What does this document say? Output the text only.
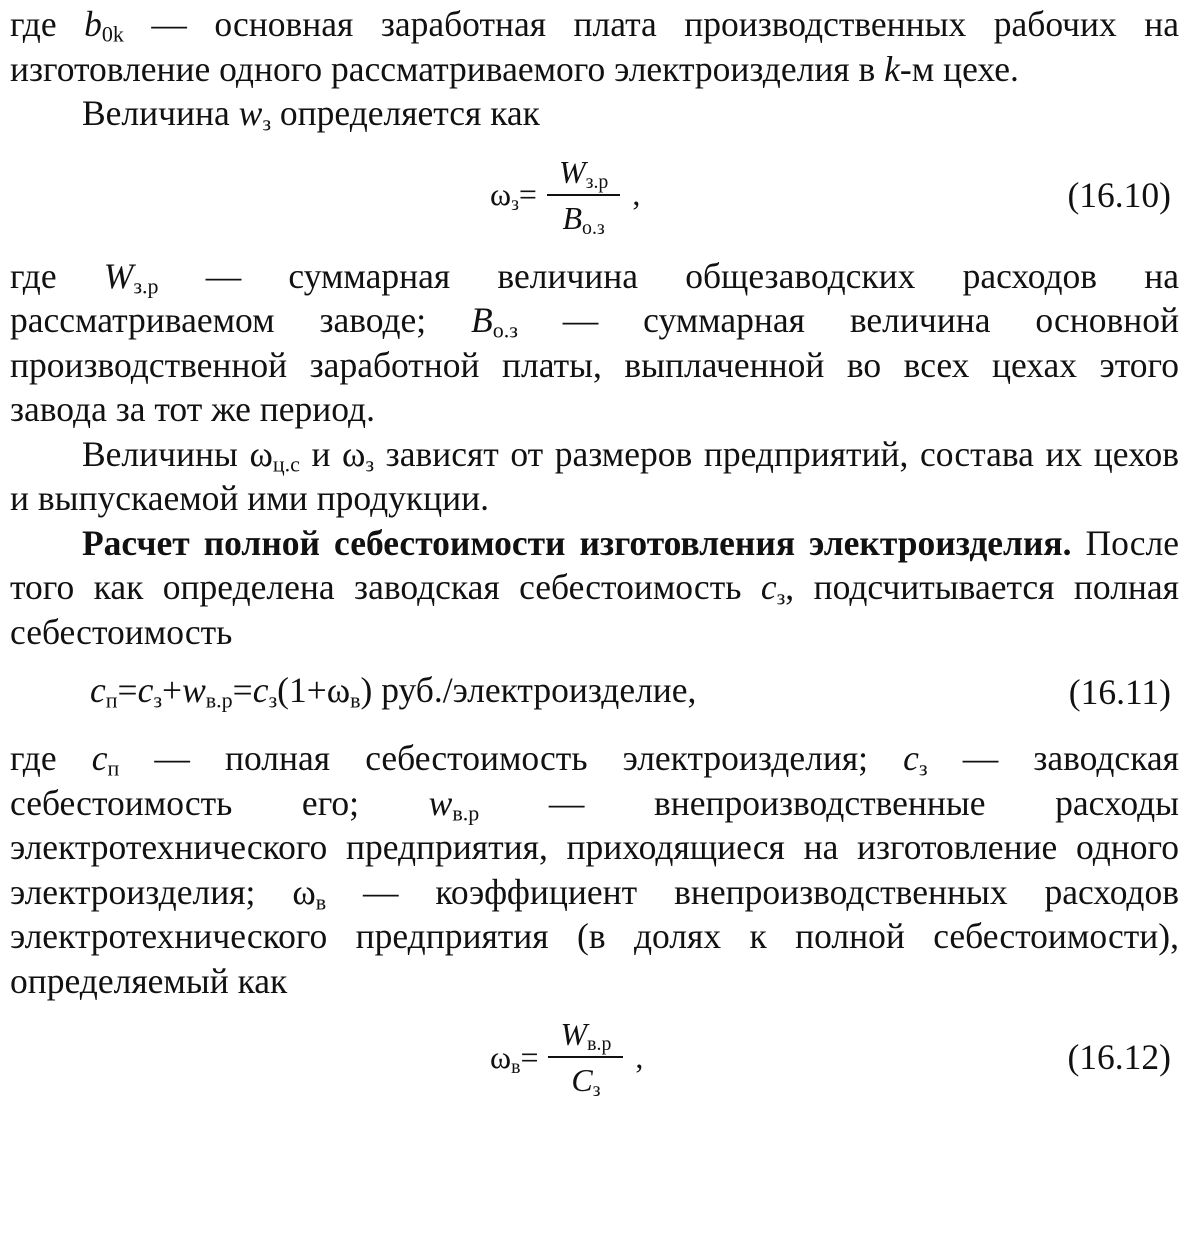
где $b_{0k}$ — основная заработная плата производственных рабочих на изготовление одного рассматриваемого электроизделия в k-м цехе.

Величина $w_з$ определяется как

$\omega_з= \frac{W_{з.р}}{B_{о.з}}$ ,	(16.10)

где $W_{з.р}$ — суммарная величина общезаводских расходов на рассматриваемом заводе; $B_{о.з}$ — суммарная величина основной производственной заработной платы, выплаченной во всех цехах этого завода за тот же период.

Величины $\omega_{ц.с}$ и $\omega_з$ зависят от размеров предприятий, состава их цехов и выпускаемой ими продукции.

Расчет полной себестоимости изготовления электроизделия. После того как определена заводская себестоимость $c_з$, подсчитывается полная себестоимость

$c_п=c_з+w_{в.р}=c_з(1+\omega_в)$ руб./электроизделие,	(16.11)

где $c_п$ — полная себестоимость электроизделия; $c_з$ — заводская себестоимость его; $w_{в.р}$ — внепроизводственные расходы электротехнического предприятия, приходящиеся на изготовление одного электроизделия; $\omega_в$ — коэффициент внепроизводственных расходов электротехнического предприятия (в долях к полной себестоимости), определяемый как

$\omega_в= \frac{W_{в.р}}{C_з}$ ,	(16.12)
